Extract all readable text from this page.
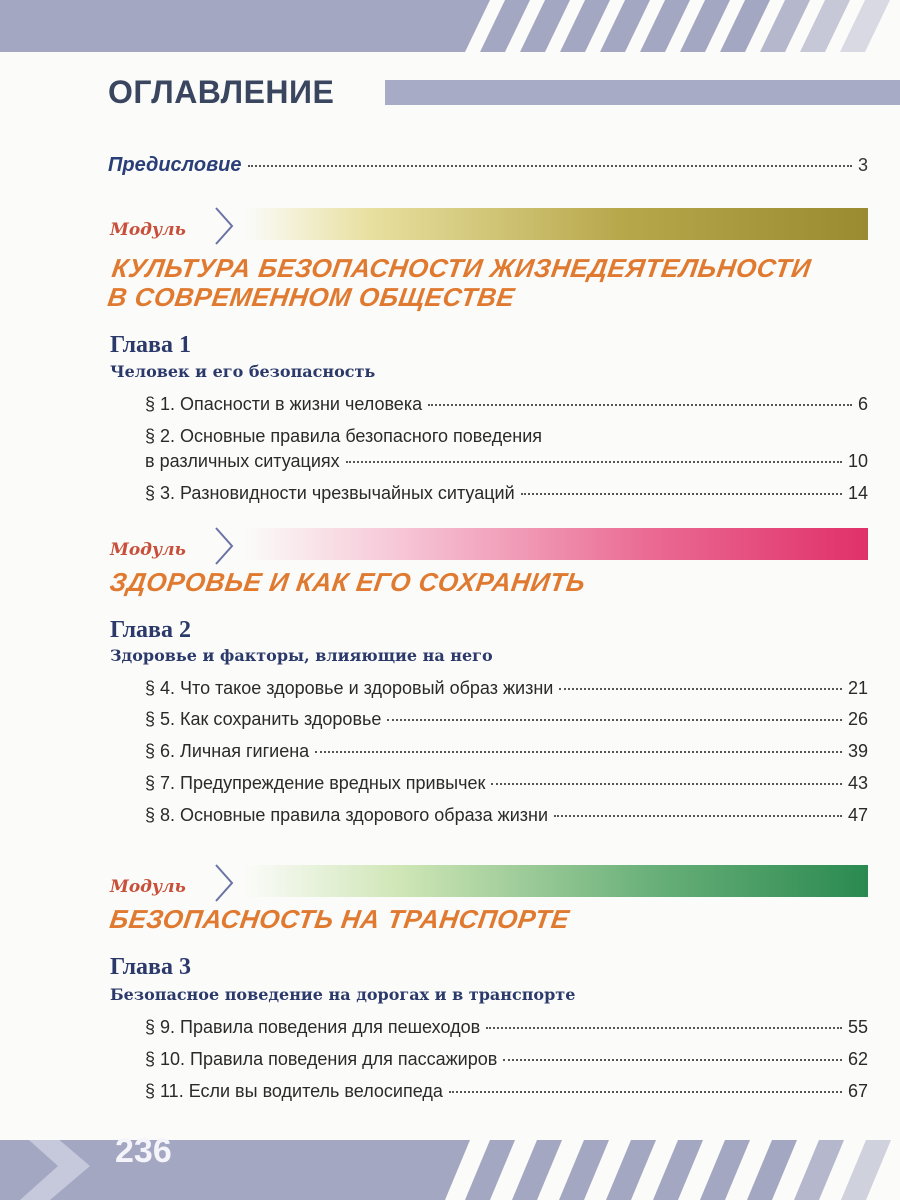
ОГЛАВЛЕНИЕ
Предисловие	3
Модуль
КУЛЬТУРА БЕЗОПАСНОСТИ ЖИЗНЕДЕЯТЕЛЬНОСТИ
В СОВРЕМЕННОМ ОБЩЕСТВЕ
Глава 1
Человек и его безопасность
§ 1. Опасности в жизни человека	6
§ 2. Основные правила безопасного поведения
в различных ситуациях	10
§ 3. Разновидности чрезвычайных ситуаций	14
Модуль
ЗДОРОВЬЕ И КАК ЕГО СОХРАНИТЬ
Глава 2
Здоровье и факторы, влияющие на него
§ 4. Что такое здоровье и здоровый образ жизни	21
§ 5. Как сохранить здоровье	26
§ 6. Личная гигиена	39
§ 7. Предупреждение вредных привычек	43
§ 8. Основные правила здорового образа жизни	47
Модуль
БЕЗОПАСНОСТЬ НА ТРАНСПОРТЕ
Глава 3
Безопасное поведение на дорогах и в транспорте
§ 9. Правила поведения для пешеходов	55
§ 10. Правила поведения для пассажиров	62
§ 11. Если вы водитель велосипеда	67
236
